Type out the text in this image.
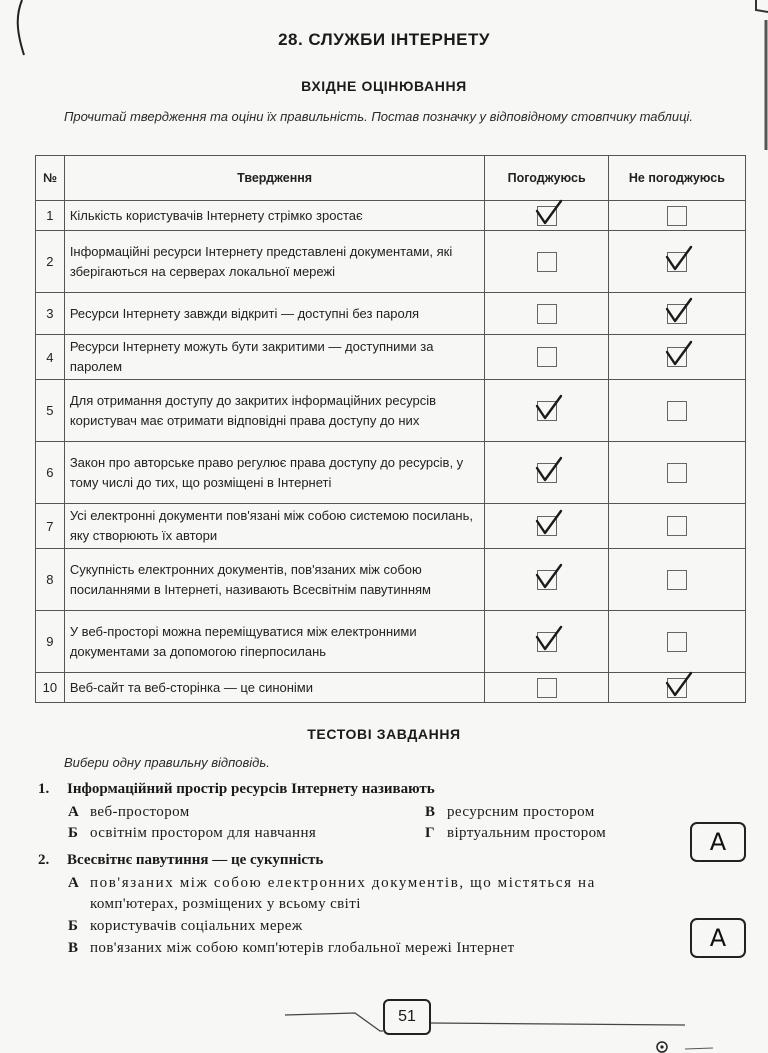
28. СЛУЖБИ ІНТЕРНЕТУ
ВХІДНЕ ОЦІНЮВАННЯ
Прочитай твердження та оціни їх правильність. Постав позначку у відповідному стовпчику таблиці.
№	Твердження	Погоджуюсь	Не погоджуюсь
1	Кількість користувачів Інтернету стрімко зростає	

2	Інформаційні ресурси Інтернету представлені документами, які зберігаються на серверах локальної мережі		

3	Ресурси Інтернету завжди відкриті — доступні без пароля		

4	Ресурси Інтернету можуть бути закритими — доступними за паролем		

5	Для отримання доступу до закритих інформаційних ресурсів користувач має отримати відповідні права доступу до них	

6	Закон про авторське право регулює права доступу до ресурсів, у тому числі до тих, що розміщені в Інтернеті	

7	Усі електронні документи пов'язані між собою системою посилань, яку створюють їх автори	

8	Сукупність електронних документів, пов'язаних між собою посиланнями в Інтернеті, називають Всесвітнім павутинням	

9	У веб-просторі можна переміщуватися між електронними документами за допомогою гіперпосилань	

10	Веб-сайт та веб-сторінка — це синоніми		
ТЕСТОВІ ЗАВДАННЯ
Вибери одну правильну відповідь.
1. Інформаційний простір ресурсів Інтернету називають
А веб-простором
Б освітнім простором для навчання
В ресурсним простором
Г віртуальним простором	А
2. Всесвітнє павутиння — це сукупність
А пов'язаних між собою електронних документів, що містяться на
комп'ютерах, розміщених у всьому світі
Б користувачів соціальних мереж
В пов'язаних між собою комп'ютерів глобальної мережі Інтернет	А
51
